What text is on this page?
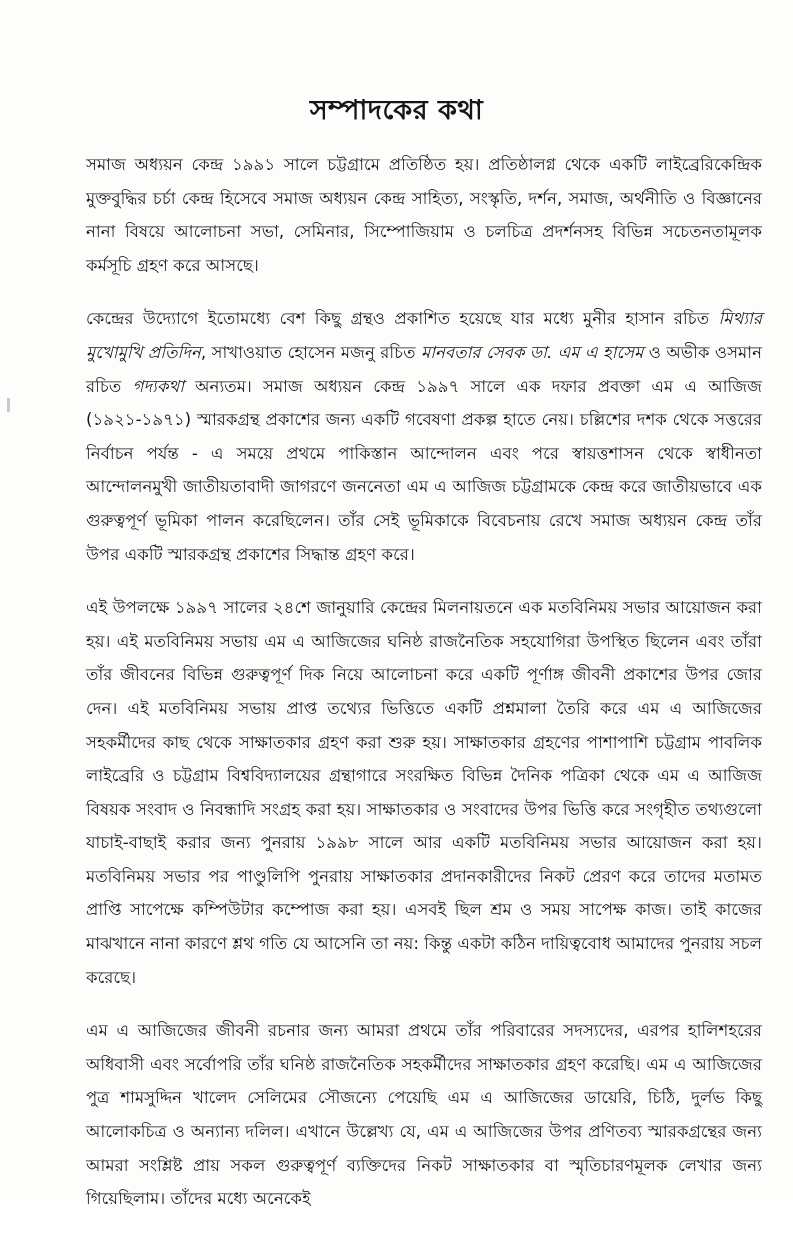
সম্পাদকের কথা

সমাজ অধ্যয়ন কেন্দ্র ১৯৯১ সালে চট্টগ্রামে প্রতিষ্ঠিত হয়। প্রতিষ্ঠালগ্ন থেকে একটি লাইব্রেরিকেন্দ্রিক মুক্তবুদ্ধির চর্চা কেন্দ্র হিসেবে সমাজ অধ্যয়ন কেন্দ্র সাহিত্য, সংস্কৃতি, দর্শন, সমাজ, অর্থনীতি ও বিজ্ঞানের নানা বিষয়ে আলোচনা সভা, সেমিনার, সিম্পোজিয়াম ও চলচিত্র প্রদর্শনসহ বিভিন্ন সচেতনতামূলক কর্মসূচি গ্রহণ করে আসছে।

কেন্দ্রের উদ্যোগে ইতোমধ্যে বেশ কিছু গ্রন্থও প্রকাশিত হয়েছে যার মধ্যে মুনীর হাসান রচিত মিথ্যার মুখোমুখি প্রতিদিন, সাখাওয়াত হোসেন মজনু রচিত মানবতার সেবক ডা. এম এ হাসেম ও অভীক ওসমান রচিত গদ্যকথা অন্যতম। সমাজ অধ্যয়ন কেন্দ্র ১৯৯৭ সালে এক দফার প্রবক্তা এম এ আজিজ (১৯২১-১৯৭১) স্মারকগ্রন্থ প্রকাশের জন্য একটি গবেষণা প্রকল্প হাতে নেয়। চল্লিশের দশক থেকে সত্তরের নির্বাচন পর্যন্ত - এ সময়ে প্রথমে পাকিস্তান আন্দোলন এবং পরে স্বায়ত্তশাসন থেকে স্বাধীনতা আন্দোলনমুখী জাতীয়তাবাদী জাগরণে জননেতা এম এ আজিজ চট্টগ্রামকে কেন্দ্র করে জাতীয়ভাবে এক গুরুত্বপূর্ণ ভূমিকা পালন করেছিলেন। তাঁর সেই ভূমিকাকে বিবেচনায় রেখে সমাজ অধ্যয়ন কেন্দ্র তাঁর উপর একটি স্মারকগ্রন্থ প্রকাশের সিদ্ধান্ত গ্রহণ করে।

এই উপলক্ষে ১৯৯৭ সালের ২৪শে জানুয়ারি কেন্দ্রের মিলনায়তনে এক মতবিনিময় সভার আয়োজন করা হয়। এই মতবিনিময় সভায় এম এ আজিজের ঘনিষ্ঠ রাজনৈতিক সহযোগিরা উপস্থিত ছিলেন এবং তাঁরা তাঁর জীবনের বিভিন্ন গুরুত্বপূর্ণ দিক নিয়ে আলোচনা করে একটি পূর্ণাঙ্গ জীবনী প্রকাশের উপর জোর দেন। এই মতবিনিময় সভায় প্রাপ্ত তথ্যের ভিত্তিতে একটি প্রশ্নমালা তৈরি করে এম এ আজিজের সহকর্মীদের কাছ থেকে সাক্ষাতকার গ্রহণ করা শুরু হয়। সাক্ষাতকার গ্রহণের পাশাপাশি চট্টগ্রাম পাবলিক লাইব্রেরি ও চট্টগ্রাম বিশ্ববিদ্যালয়ের গ্রন্থাগারে সংরক্ষিত বিভিন্ন দৈনিক পত্রিকা থেকে এম এ আজিজ বিষয়ক সংবাদ ও নিবন্ধাদি সংগ্রহ করা হয়। সাক্ষাতকার ও সংবাদের উপর ভিত্তি করে সংগৃহীত তথ্যগুলো যাচাই-বাছাই করার জন্য পুনরায় ১৯৯৮ সালে আর একটি মতবিনিময় সভার আয়োজন করা হয়। মতবিনিময় সভার পর পাণ্ডুলিপি পুনরায় সাক্ষাতকার প্রদানকারীদের নিকট প্রেরণ করে তাদের মতামত প্রাপ্তি সাপেক্ষে কম্পিউটার কম্পোজ করা হয়। এসবই ছিল শ্রম ও সময় সাপেক্ষ কাজ। তাই কাজের মাঝখানে নানা কারণে শ্লথ গতি যে আসেনি তা নয়: কিন্তু একটা কঠিন দায়িত্ববোধ আমাদের পুনরায় সচল করেছে।

এম এ আজিজের জীবনী রচনার জন্য আমরা প্রথমে তাঁর পরিবারের সদস্যদের, এরপর হালিশহরের অধিবাসী এবং সর্বোপরি তাঁর ঘনিষ্ঠ রাজনৈতিক সহকর্মীদের সাক্ষাতকার গ্রহণ করেছি। এম এ আজিজের পুত্র শামসুদ্দিন খালেদ সেলিমের সৌজন্যে পেয়েছি এম এ আজিজের ডায়েরি, চিঠি, দুর্লভ কিছু আলোকচিত্র ও অন্যান্য দলিল। এখানে উল্লেখ্য যে, এম এ আজিজের উপর প্রণিতব্য স্মারকগ্রন্থের জন্য আমরা সংশ্লিষ্ট প্রায় সকল গুরুত্বপূর্ণ ব্যক্তিদের নিকট সাক্ষাতকার বা স্মৃতিচারণমূলক লেখার জন্য গিয়েছিলাম। তাঁদের মধ্যে অনেকেই
